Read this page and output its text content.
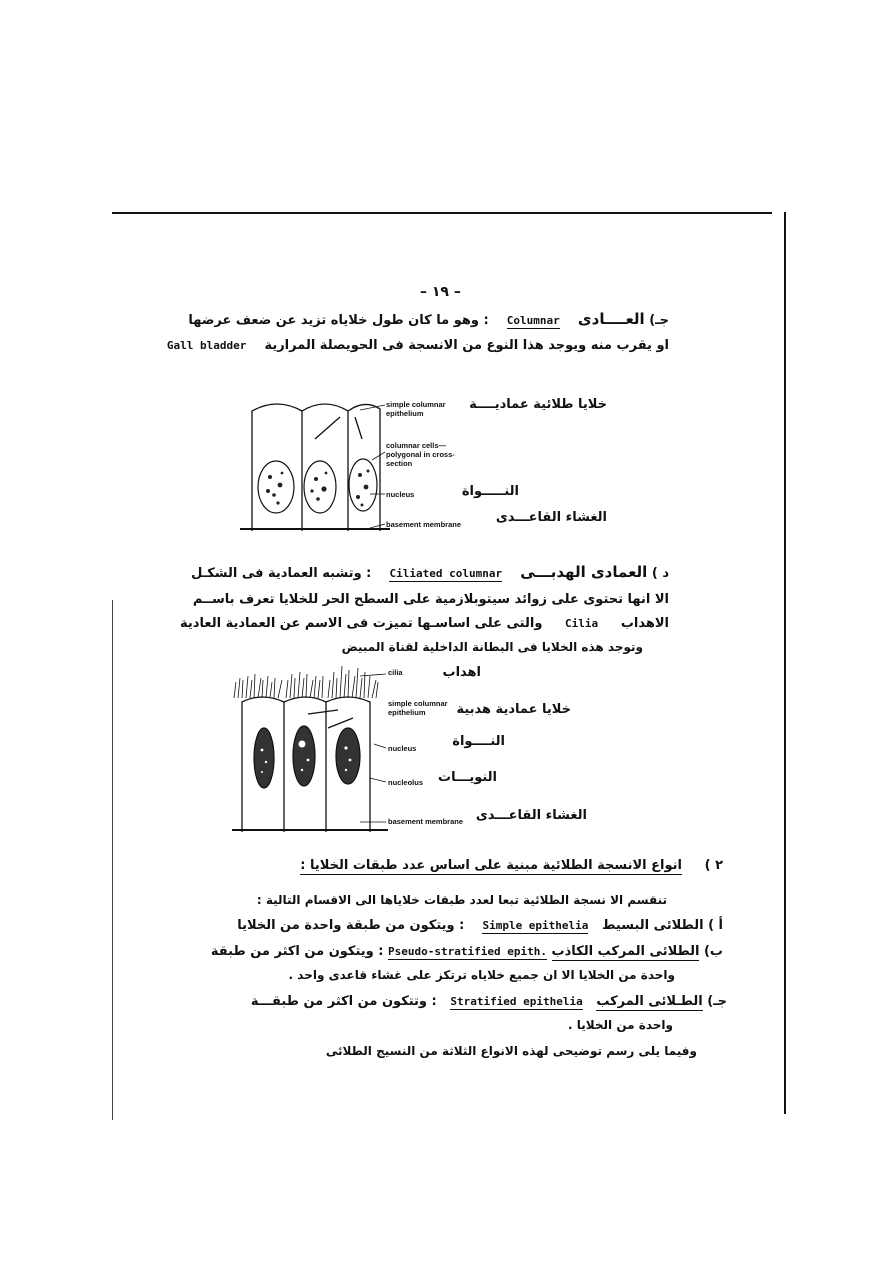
– ١٩ –
جـ) العــــادى    Columnar    : وهو ما كان طول خلاياه تزيد عن ضعف عرضها
او يقرب منه ويوجد هذا النوع من الانسجة فى الحويصلة المرارية    Gall bladder
simple columnar
epithelium
columnar cells—
polygonal in cross-
section
nucleus
basement membrane
خلايا طلائية عماديــــة
النـــــواة
الغشاء القاعـــدى
د ) العمادى الهدبـــى    Ciliated columnar    : وتشبه العمادية فى الشكـل
الا انها تحتوى على زوائد سيتوبلازمية على السطح الحر للخلايا تعرف باســم
الاهداب     Cilia     والتى على اساسـها تميزت فى الاسم عن العمادية العادية
وتوجد هذه الخلايا فى البطانة الداخلية لقناة المبيض
cilia
simple columnar
epithelium
nucleus
nucleolus
basement membrane
اهداب
خلايا عمادية هدبية
النــــواة
النويـــات
الغشاء القاعـــدى
٢ )     انواع الانسجة الطلائية مبنية على اساس عدد طبقات الخلايا :
تنقسم الا نسجة الطلائية تبعا لعدد طبقات خلاياها الى الاقسام التالية :
أ ) الطلائى البسيط   Simple epithelia    : ويتكون من طبقة واحدة من الخلايا
ب) الطلائى المركب الكاذب Pseudo-stratified epith. : ويتكون من اكثر من طبقة
واحدة من الخلايا الا ان جميع خلاياه ترتكز على غشاء قاعدى واحد .
جـ) الطـلائى المركب   Stratified epithelia   : وتتكون من اكثر من طبقـــة
واحدة من الخلايا .
وفيما يلى رسم توضيحى لهذه الانواع الثلاثة من النسيج الطلائى
